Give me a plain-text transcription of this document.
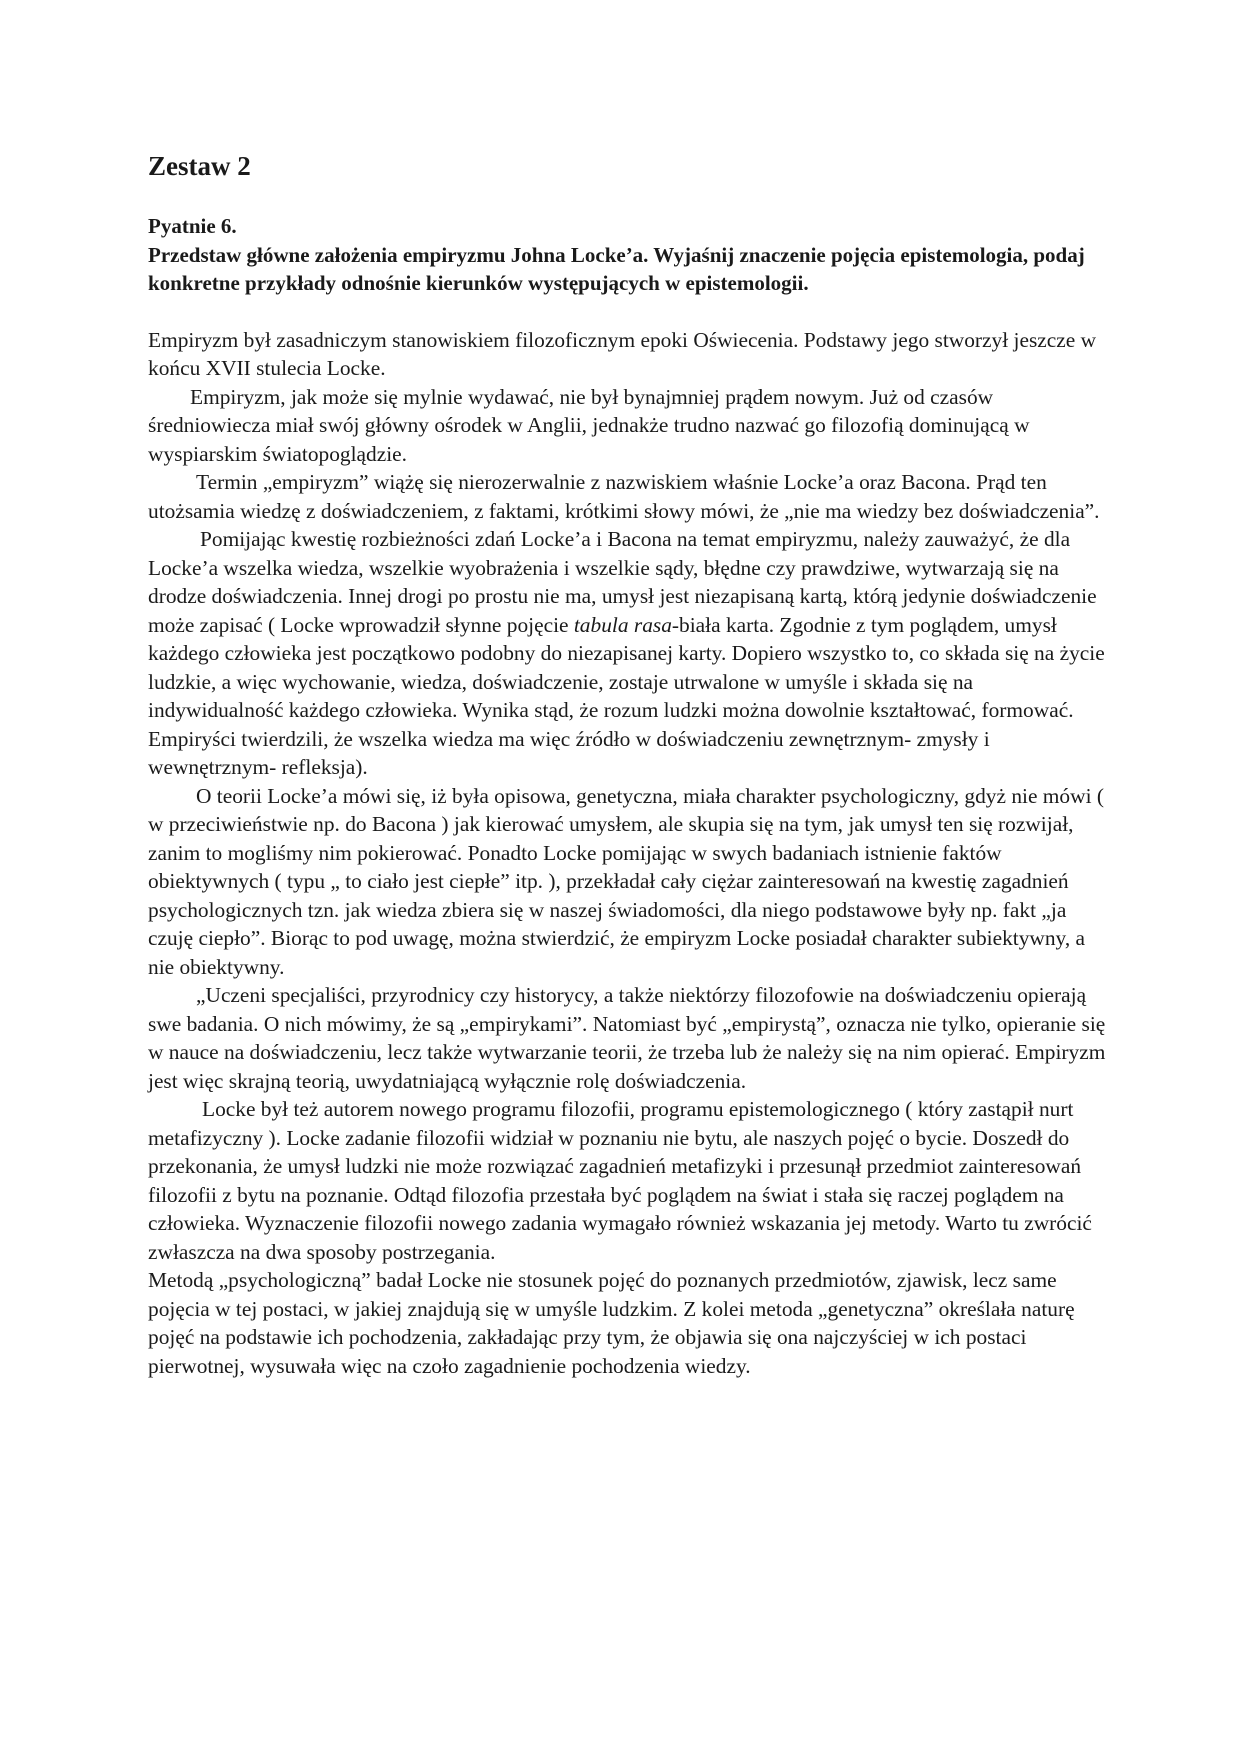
Zestaw 2
Pyatnie 6.
Przedstaw główne założenia empiryzmu Johna Locke’a. Wyjaśnij znaczenie pojęcia epistemologia, podaj konkretne przykłady odnośnie kierunków występujących w epistemologii.

Empiryzm był zasadniczym stanowiskiem filozoficznym epoki Oświecenia. Podstawy jego stworzył jeszcze w końcu XVII stulecia Locke.

Empiryzm, jak może się mylnie wydawać, nie był bynajmniej prądem nowym. Już od czasów średniowiecza miał swój główny ośrodek w Anglii, jednakże trudno nazwać go filozofią dominującą w wyspiarskim światopoglądzie.

Termin „empiryzm” wiążę się nierozerwalnie z nazwiskiem właśnie Locke’a oraz Bacona. Prąd ten utożsamia wiedzę z doświadczeniem, z faktami, krótkimi słowy mówi, że „nie ma wiedzy bez doświadczenia”.

Pomijając kwestię rozbieżności zdań Locke’a i Bacona na temat empiryzmu, należy zauważyć, że dla Locke’a wszelka wiedza, wszelkie wyobrażenia i wszelkie sądy, błędne czy prawdziwe, wytwarzają się na drodze doświadczenia. Innej drogi po prostu nie ma, umysł jest niezapisaną kartą, którą jedynie doświadczenie może zapisać ( Locke wprowadził słynne pojęcie tabula rasa-biała karta. Zgodnie z tym poglądem, umysł każdego człowieka jest początkowo podobny do niezapisanej karty. Dopiero wszystko to, co składa się na życie ludzkie, a więc wychowanie, wiedza, doświadczenie, zostaje utrwalone w umyśle i składa się na indywidualność każdego człowieka. Wynika stąd, że rozum ludzki można dowolnie kształtować, formować. Empiryści twierdzili, że wszelka wiedza ma więc źródło w doświadczeniu zewnętrznym- zmysły i wewnętrznym- refleksja).

O teorii Locke’a mówi się, iż była opisowa, genetyczna, miała charakter psychologiczny, gdyż nie mówi ( w przeciwieństwie np. do Bacona ) jak kierować umysłem, ale skupia się na tym, jak umysł ten się rozwijał, zanim to mogliśmy nim pokierować. Ponadto Locke pomijając w swych badaniach istnienie faktów obiektywnych ( typu „ to ciało jest ciepłe” itp. ), przekładał cały ciężar zainteresowań na kwestię zagadnień psychologicznych tzn. jak wiedza zbiera się w naszej świadomości, dla niego podstawowe były np. fakt „ja czuję ciepło”. Biorąc to pod uwagę, można stwierdzić, że empiryzm Locke posiadał charakter subiektywny, a nie obiektywny.

„Uczeni specjaliści, przyrodnicy czy historycy, a także niektórzy filozofowie na doświadczeniu opierają swe badania. O nich mówimy, że są „empirykami”. Natomiast być „empirystą”, oznacza nie tylko, opieranie się w nauce na doświadczeniu, lecz także wytwarzanie teorii, że trzeba lub że należy się na nim opierać. Empiryzm jest więc skrajną teorią, uwydatniającą wyłącznie rolę doświadczenia.

Locke był też autorem nowego programu filozofii, programu epistemologicznego ( który zastąpił nurt metafizyczny ). Locke zadanie filozofii widział w poznaniu nie bytu, ale naszych pojęć o bycie. Doszedł do przekonania, że umysł ludzki nie może rozwiązać zagadnień metafizyki i przesunął przedmiot zainteresowań filozofii z bytu na poznanie. Odtąd filozofia przestała być poglądem na świat i stała się raczej poglądem na człowieka. Wyznaczenie filozofii nowego zadania wymagało również wskazania jej metody. Warto tu zwrócić zwłaszcza na dwa sposoby postrzegania.

Metodą „psychologiczną” badał Locke nie stosunek pojęć do poznanych przedmiotów, zjawisk, lecz same pojęcia w tej postaci, w jakiej znajdują się w umyśle ludzkim. Z kolei metoda „genetyczna” określała naturę pojęć na podstawie ich pochodzenia, zakładając przy tym, że objawia się ona najczyściej w ich postaci pierwotnej, wysuwała więc na czoło zagadnienie pochodzenia wiedzy.
